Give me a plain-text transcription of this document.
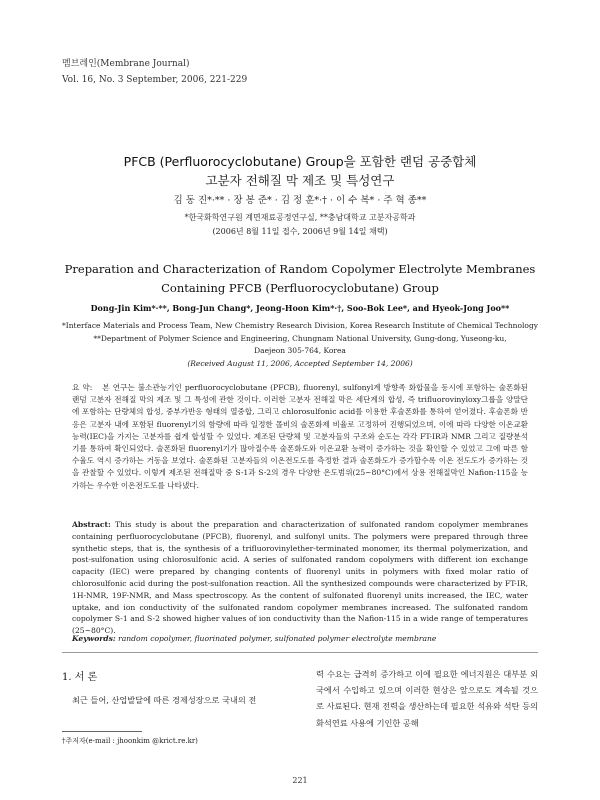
멤브레인(Membrane Journal)
Vol. 16, No. 3 September, 2006, 221-229
PFCB (Perfluorocyclobutane) Group을 포함한 랜덤 공중합체
고분자 전해질 막 제조 및 특성연구
김 동 진*·** · 장 봉 준* · 김 정 훈*·† · 이 수 복* · 주 혁 종**
*한국화학연구원 계면재료공정연구실, **충남대학교 고분자공학과
(2006년 8월 11일 접수, 2006년 9월 14일 채택)
Preparation and Characterization of Random Copolymer Electrolyte Membranes
Containing PFCB (Perfluorocyclobutane) Group
Dong-Jin Kim*·**, Bong-Jun Chang*, Jeong-Hoon Kim*·†, Soo-Bok Lee*, and Hyeok-Jong Joo**
*Interface Materials and Process Team, New Chemistry Research Division, Korea Research Institute of Chemical Technology
**Department of Polymer Science and Engineering, Chungnam National University, Gung-dong, Yuseong-ku,
Daejeon 305-764, Korea
(Received August 11, 2006, Accepted September 14, 2006)
요 약: 본 연구는 불소관능기인 perfluorocyclobutane (PFCB), fluorenyl, sulfonyl계 방향족 화합물을 동시에 포함하는 술폰화된 랜덤 고분자 전해질 막의 제조 및 그 특성에 관한 것이다. 이러한 고분자 전해질 막은 세단계의 합성, 즉 trifluorovinyloxy그룹을 양말단에 포함하는 단량체의 합성, 중부가반응 형태의 열중합, 그리고 chlorosulfonic acid를 이용한 후술폰화를 통하여 얻어졌다. 후술폰화 반응은 고분자 내에 포함된 fluorenyl기의 함량에 따라 일정한 몰비의 술폰화제 비율로 고정하여 진행되었으며, 이에 따라 다양한 이온교환 능력(IEC)을 가지는 고분자를 쉽게 합성할 수 있었다. 제조된 단량체 및 고분자들의 구조와 순도는 각각 FT-IR과 NMR 그리고 질량분석기를 통하여 확인되었다. 술폰화된 fluorenyl기가 많아질수록 술폰화도와 이온교환 능력이 증가하는 것을 확인할 수 있었고 그에 따른 함수율도 역시 증가하는 거동을 보였다. 술폰화된 고분자들의 이온전도도를 측정한 결과 술폰화도가 증가할수록 이온 전도도가 증가하는 것을 관찰할 수 있었다. 이렇게 제조된 전해질막 중 S-1과 S-2의 경우 다양한 온도범위(25~80°C)에서 상용 전해질막인 Nafion-115을 능가하는 우수한 이온전도도를 나타냈다.
Abstract: This study is about the preparation and characterization of sulfonated random copolymer membranes containing perfluorocyclobutane (PFCB), fluorenyl, and sulfonyl units. The polymers were prepared through three synthetic steps, that is, the synthesis of a trifluorovinylether-terminated monomer, its thermal polymerization, and post-sulfonation using chlorosulfonic acid. A series of sulfonated random copolymers with different ion exchange capacity (IEC) were prepared by changing contents of fluorenyl units in polymers with fixed molar ratio of chlorosulfonic acid during the post-sulfonation reaction. All the synthesized compounds were characterized by FT-IR, 1H-NMR, 19F-NMR, and Mass spectroscopy. As the content of sulfonated fluorenyl units increased, the IEC, water uptake, and ion conductivity of the sulfonated random copolymer membranes increased. The sulfonated random copolymer S-1 and S-2 showed higher values of ion conductivity than the Nafion-115 in a wide range of temperatures (25~80°C).
Keywords: random copolymer, fluorinated polymer, sulfonated polymer electrolyte membrane
1. 서 론
최근 들어, 산업발달에 따른 경제성장으로 국내의 전
†주저자(e-mail : jhoonkim @krict.re.kr)
력 수요는 급격히 증가하고 이에 필요한 에너지원은 대부분 외국에서 수입하고 있으며 이러한 현상은 앞으로도 계속될 것으로 사료된다. 현재 전력을 생산하는데 필요한 석유와 석탄 등의 화석연료 사용에 기인한 공해
221
